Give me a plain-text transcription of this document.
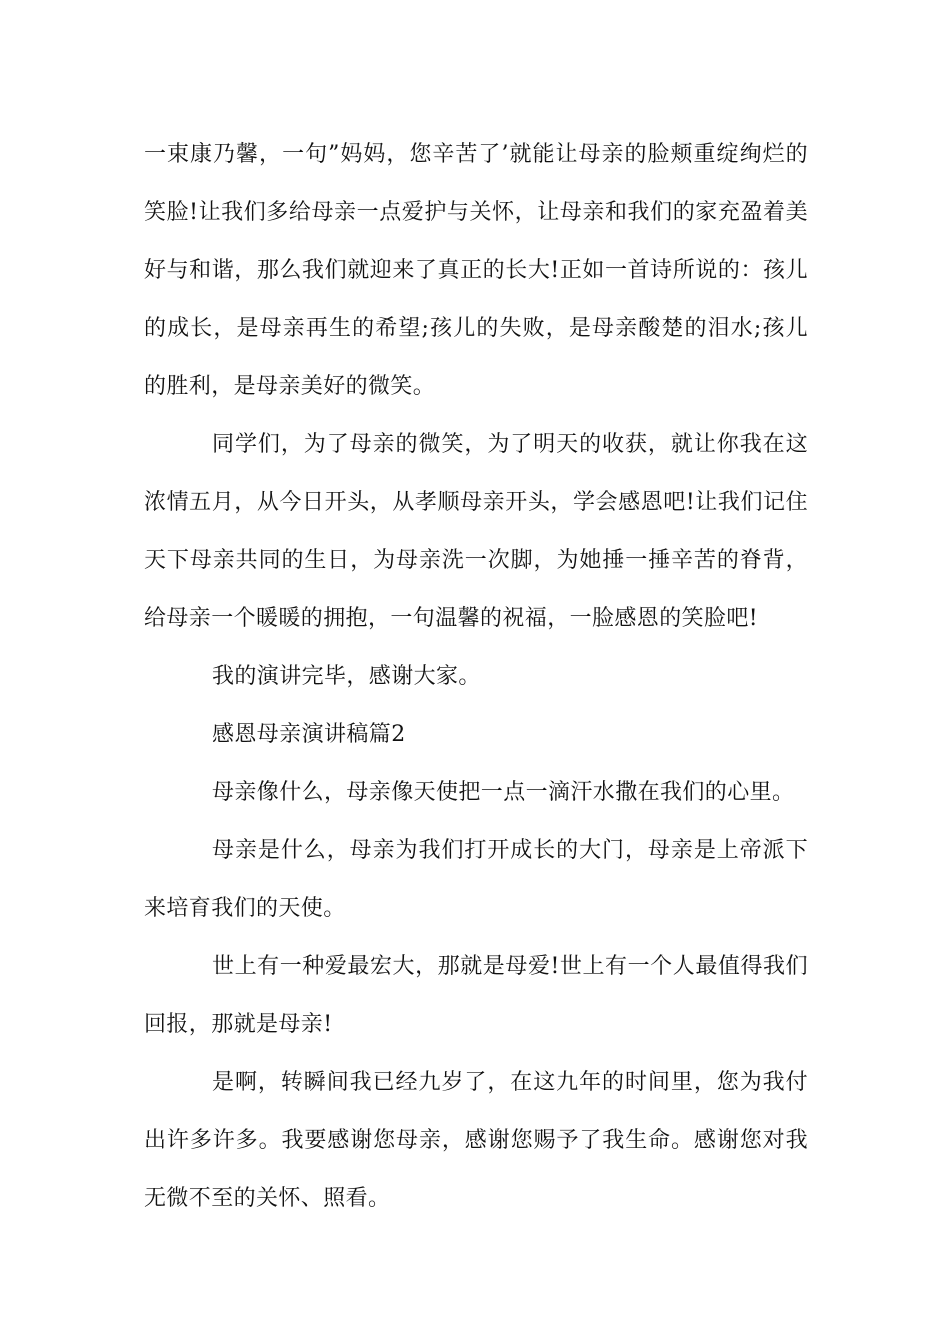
一束康乃馨，一句”妈妈，您辛苦了’就能让母亲的脸颊重绽绚烂的笑脸!让我们多给母亲一点爱护与关怀，让母亲和我们的家充盈着美好与和谐，那么我们就迎来了真正的长大!正如一首诗所说的：孩儿的成长，是母亲再生的希望;孩儿的失败，是母亲酸楚的泪水;孩儿的胜利，是母亲美好的微笑。

同学们，为了母亲的微笑，为了明天的收获，就让你我在这浓情五月，从今日开头，从孝顺母亲开头，学会感恩吧!让我们记住天下母亲共同的生日，为母亲洗一次脚，为她捶一捶辛苦的脊背，给母亲一个暖暖的拥抱，一句温馨的祝福，一脸感恩的笑脸吧!

我的演讲完毕，感谢大家。

感恩母亲演讲稿篇2

母亲像什么，母亲像天使把一点一滴汗水撒在我们的心里。

母亲是什么，母亲为我们打开成长的大门，母亲是上帝派下来培育我们的天使。

世上有一种爱最宏大，那就是母爱!世上有一个人最值得我们回报，那就是母亲!

是啊，转瞬间我已经九岁了，在这九年的时间里，您为我付出许多许多。我要感谢您母亲，感谢您赐予了我生命。感谢您对我无微不至的关怀、照看。
